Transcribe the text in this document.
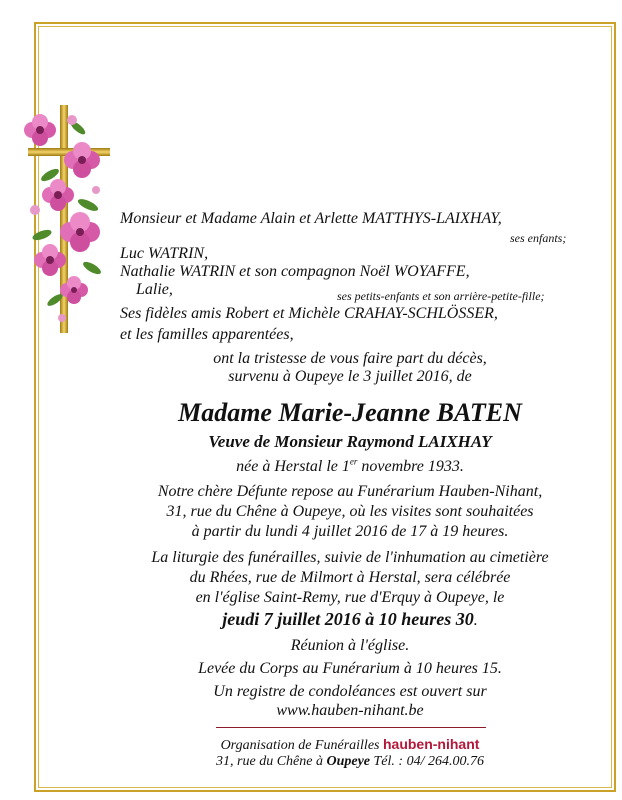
Monsieur et Madame Alain et Arlette MATTHYS-LAIXHAY,
ses enfants;
Luc WATRIN,
Nathalie WATRIN et son compagnon Noël WOYAFFE,
Lalie,	ses petits-enfants et son arrière-petite-fille;
Ses fidèles amis Robert et Michèle CRAHAY-SCHLÖSSER,
et les familles apparentées,
ont la tristesse de vous faire part du décès,
survenu à Oupeye le 3 juillet 2016, de
Madame Marie-Jeanne BATEN
Veuve de Monsieur Raymond LAIXHAY
née à Herstal le 1er novembre 1933.
Notre chère Défunte repose au Funérarium Hauben-Nihant,
31, rue du Chêne à Oupeye, où les visites sont souhaitées
à partir du lundi 4 juillet 2016 de 17 à 19 heures.
La liturgie des funérailles, suivie de l'inhumation au cimetière
du Rhées, rue de Milmort à Herstal, sera célébrée
en l'église Saint-Remy, rue d'Erquy à Oupeye, le
jeudi 7 juillet 2016 à 10 heures 30.
Réunion à l'église.
Levée du Corps au Funérarium à 10 heures 15.
Un registre de condoléances est ouvert sur
www.hauben-nihant.be
Organisation de Funérailles hauben-nihant
31, rue du Chêne à Oupeye Tél. : 04/ 264.00.76
